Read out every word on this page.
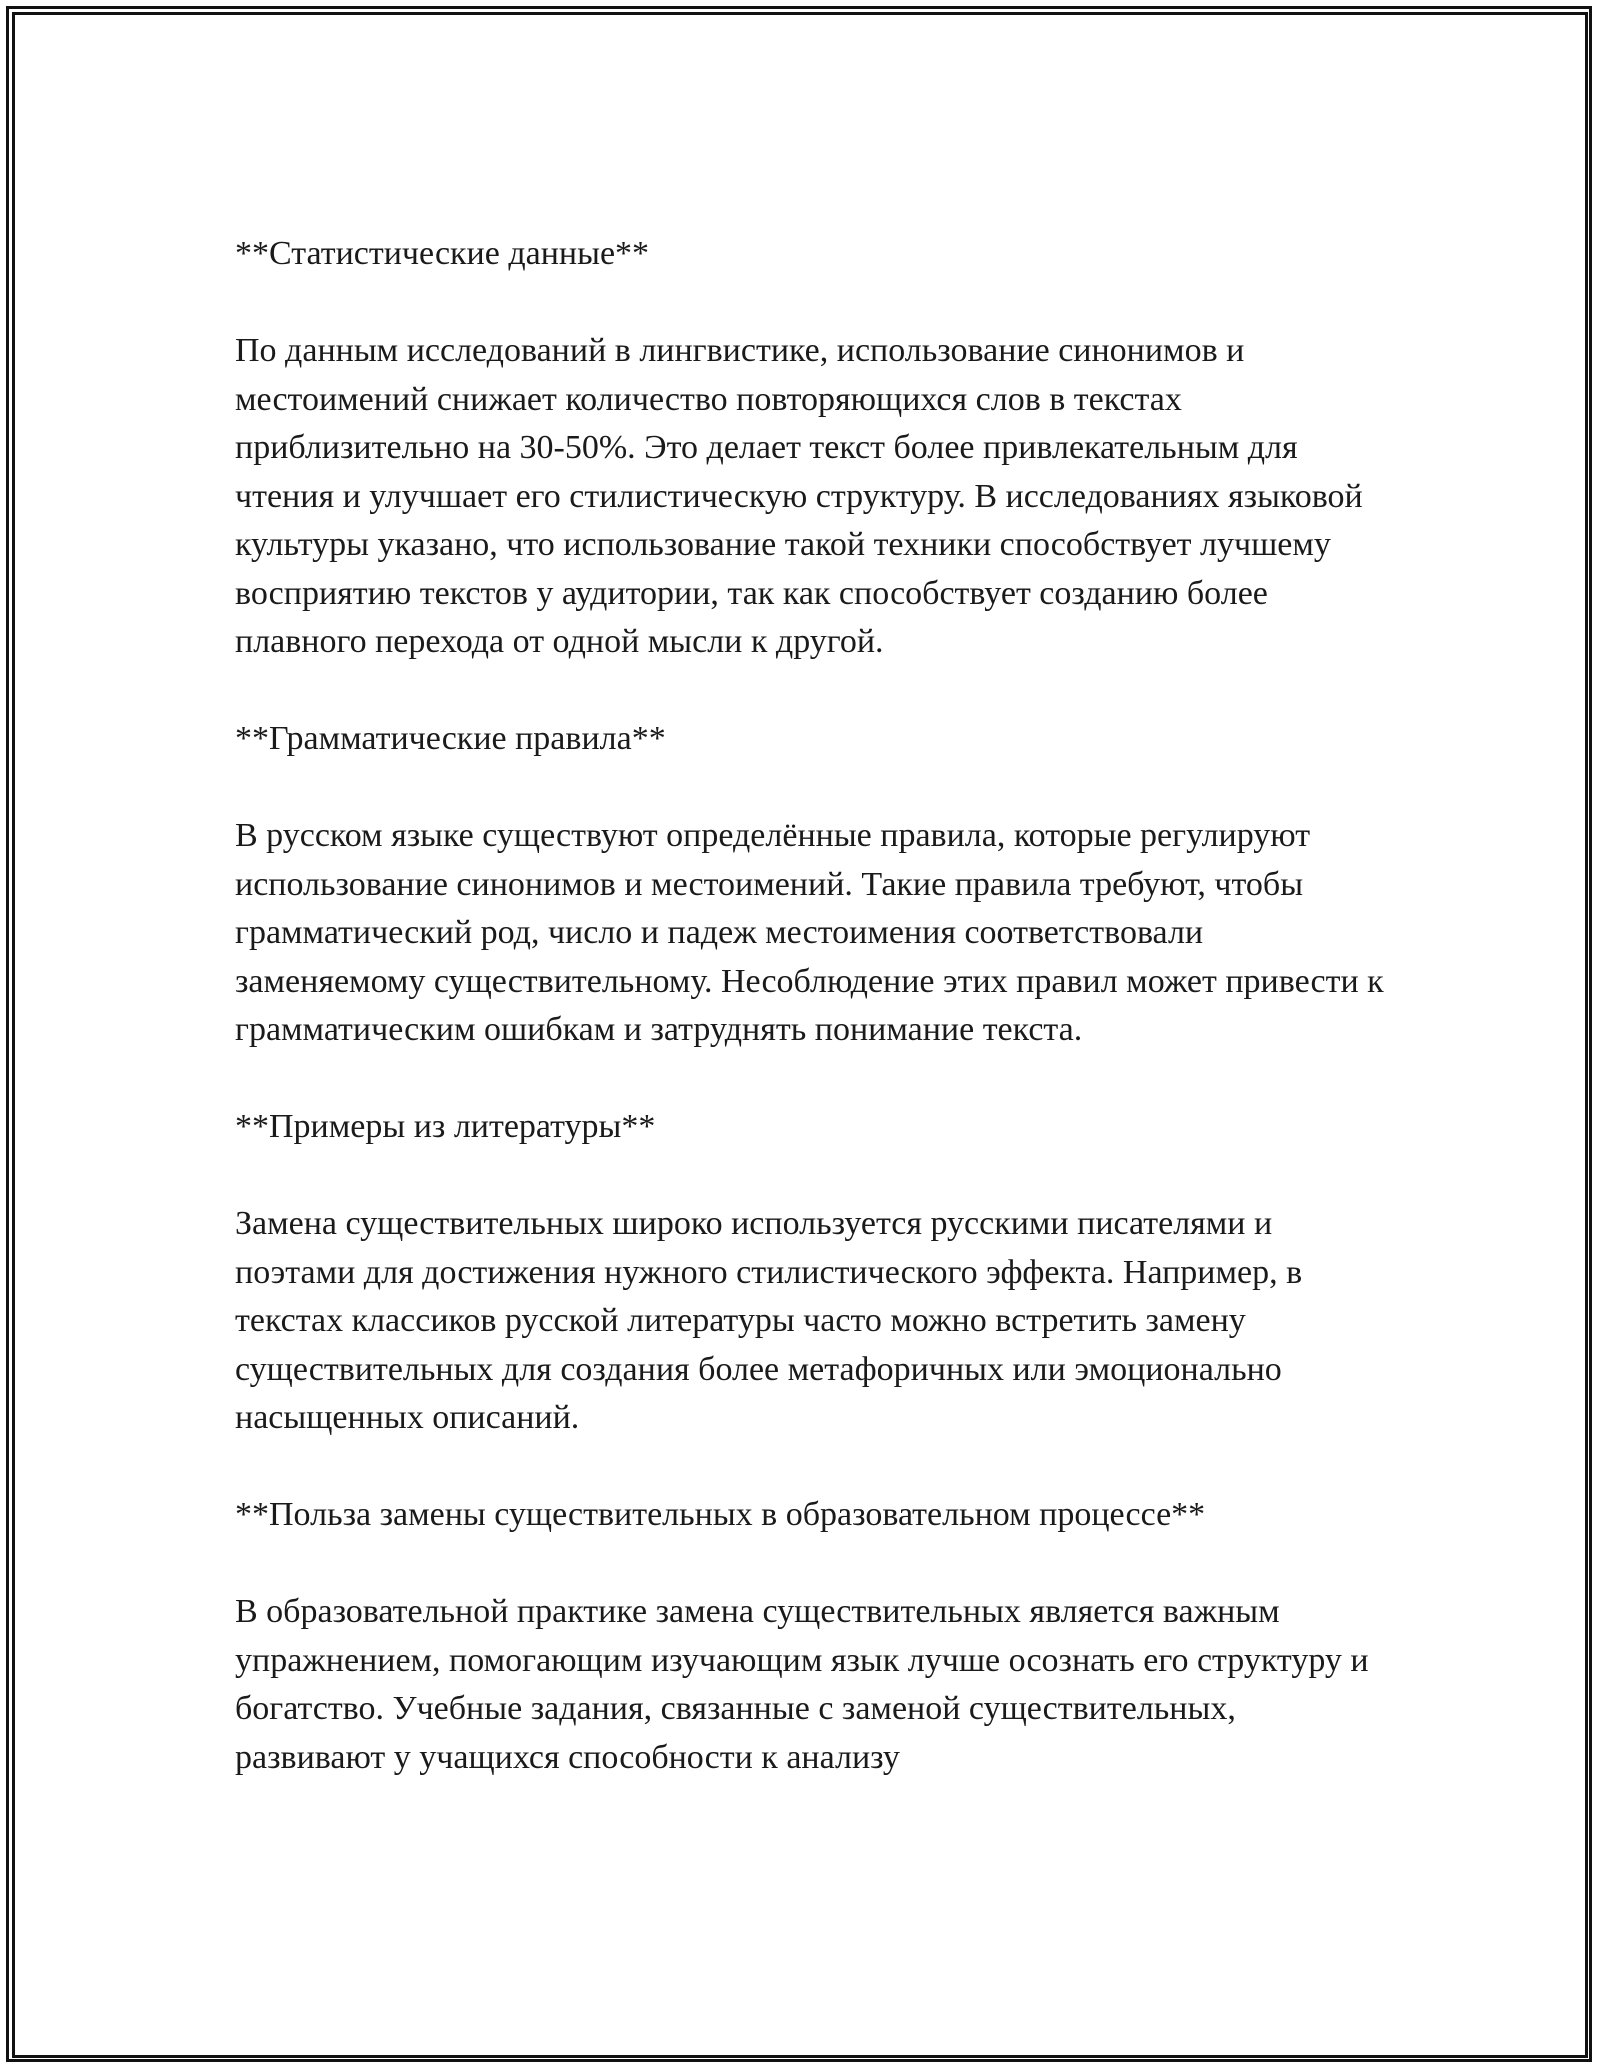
**Статистические данные**
По данным исследований в лингвистике, использование синонимов и местоимений снижает количество повторяющихся слов в текстах приблизительно на 30-50%. Это делает текст более привлекательным для чтения и улучшает его стилистическую структуру. В исследованиях языковой культуры указано, что использование такой техники способствует лучшему восприятию текстов у аудитории, так как способствует созданию более плавного перехода от одной мысли к другой.
**Грамматические правила**
В русском языке существуют определённые правила, которые регулируют использование синонимов и местоимений. Такие правила требуют, чтобы грамматический род, число и падеж местоимения соответствовали заменяемому существительному. Несоблюдение этих правил может привести к грамматическим ошибкам и затруднять понимание текста.
**Примеры из литературы**
Замена существительных широко используется русскими писателями и поэтами для достижения нужного стилистического эффекта. Например, в текстах классиков русской литературы часто можно встретить замену существительных для создания более метафоричных или эмоционально насыщенных описаний.
**Польза замены существительных в образовательном процессе**
В образовательной практике замена существительных является важным упражнением, помогающим изучающим язык лучше осознать его структуру и богатство. Учебные задания, связанные с заменой существительных, развивают у учащихся способности к анализу
